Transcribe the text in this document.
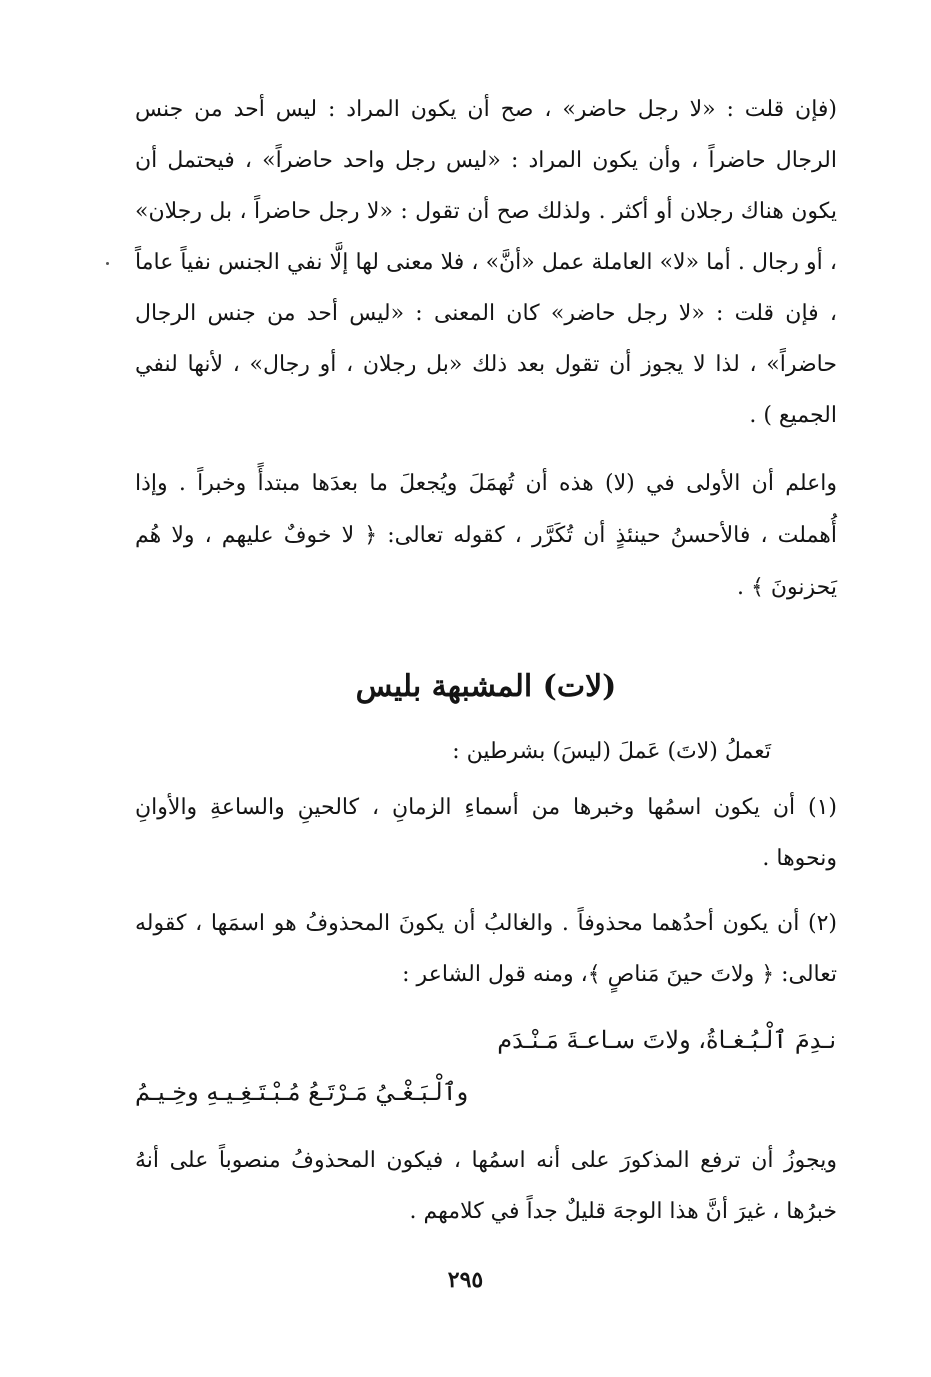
(فإن قلت : «لا رجل حاضر» ، صح أن يكون المراد : ليس أحد من جنس الرجال حاضراً ، وأن يكون المراد : «ليس رجل واحد حاضراً» ، فيحتمل أن يكون هناك رجلان أو أكثر . ولذلك صح أن تقول : «لا رجل حاضراً ، بل رجلان» ، أو رجال . أما «لا» العاملة عمل «أنَّ» ، فلا معنى لها إلَّا نفي الجنس نفياً عاماً ، فإن قلت : «لا رجل حاضر» كان المعنى : «ليس أحد من جنس الرجال حاضراً» ، لذا لا يجوز أن تقول بعد ذلك «بل رجلان ، أو رجال» ، لأنها لنفي الجميع ) .

واعلم أن الأولى في (لا) هذه أن تُهمَلَ ويُجعلَ ما بعدَها مبتدأً وخبراً . وإذا أُهملت ، فالأحسنُ حينئذٍ أن تُكَرَّر ، كقوله تعالى: ﴿ لا خوفٌ عليهم ، ولا هُم يَحزنونَ ﴾ .

(لات) المشبهة بليس

تَعملُ (لاتَ) عَملَ (ليسَ) بشرطين :

(١) أن يكون اسمُها وخبرها من أسماءِ الزمانِ ، كالحينِ والساعةِ والأوانِ ونحوها .

(٢) أن يكون أحدُهما محذوفاً . والغالبُ أن يكونَ المحذوفُ هو اسمَها ، كقوله تعالى: ﴿ ولاتَ حينَ مَناصٍ ﴾، ومنه قول الشاعر :

نـدِمَ ٱلْـبُـغـاةُ، ولاتَ سـاعـةَ مَـنْـدَم

وٱلْـبَـغْـيُ مَـرْتَـعُ مُـبْـتَـغِـيـهِ وخِـيـمُ

ويجوزُ أن ترفع المذكورَ على أنه اسمُها ، فيكون المحذوفُ منصوباً على أنهُ خبرُها ، غيرَ أنَّ هذا الوجهَ قليلٌ جداً في كلامهم .

٢٩٥
